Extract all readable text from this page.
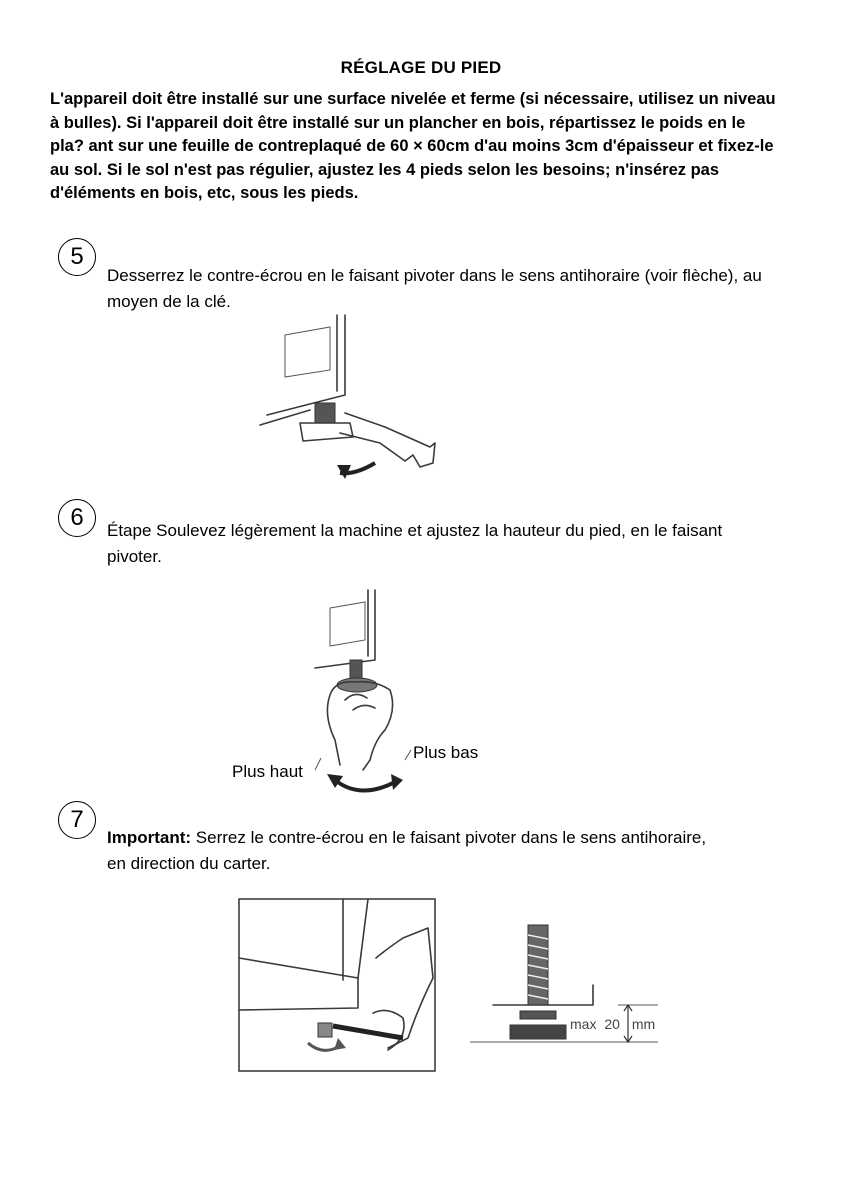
RÉGLAGE DU PIED
L'appareil doit être installé sur une surface nivelée et ferme (si nécessaire, utilisez un niveau à bulles). Si l'appareil doit être installé sur un plancher en bois, répartissez le poids en le pla? ant sur une feuille de contreplaqué de 60 × 60cm d'au moins 3cm d'épaisseur et fixez-le au sol. Si le sol n'est pas régulier, ajustez les 4 pieds selon les besoins; n'insérez pas d'éléments en bois, etc, sous les pieds.
5
Desserrez le contre-écrou en le faisant pivoter dans le sens antihoraire (voir flèche), au moyen de la clé.
6	Étape Soulevez légèrement la machine et ajustez la hauteur du pied, en le faisant pivoter.
Plus haut
Plus bas
7
Important: Serrez le contre-écrou en le faisant pivoter dans le sens antihoraire, en direction du carter.
max 20 mm
